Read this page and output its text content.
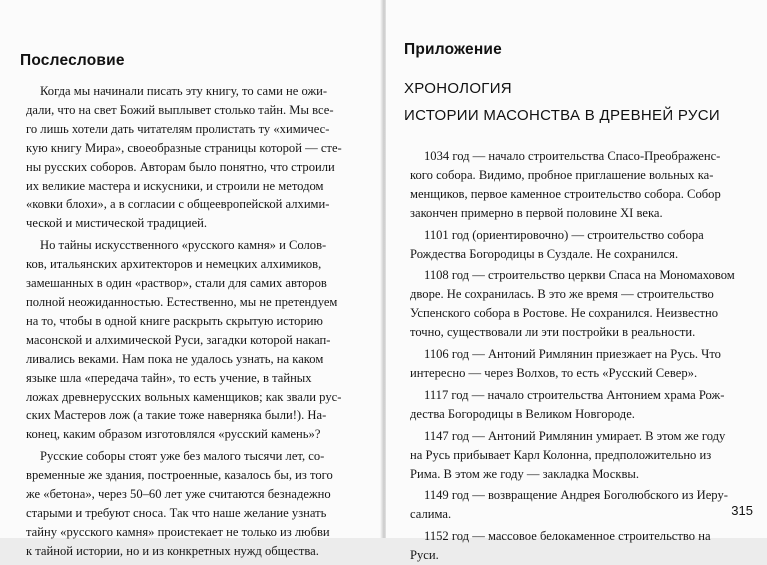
Послесловие
Когда мы начинали писать эту книгу, то сами не ожи-
дали, что на свет Божий выплывет столько тайн. Мы все-
го лишь хотели дать читателям пролистать ту «химичес-
кую книгу Мира», своеобразные страницы которой — сте-
ны русских соборов. Авторам было понятно, что строили
их великие мастера и искусники, и строили не методом
«ковки блохи», а в согласии с общеевропейской алхими-
ческой и мистической традицией.
Но тайны искусственного «русского камня» и Солов-
ков, итальянских архитекторов и немецких алхимиков,
замешанных в один «раствор», стали для самих авторов
полной неожиданностью. Естественно, мы не претендуем
на то, чтобы в одной книге раскрыть скрытую историю
масонской и алхимической Руси, загадки которой накап-
ливались веками. Нам пока не удалось узнать, на каком
языке шла «передача тайн», то есть учение, в тайных
ложах древнерусских вольных каменщиков; как звали рус-
ских Мастеров лож (а такие тоже наверняка были!). На-
конец, каким образом изготовлялся «русский камень»?
Русские соборы стоят уже без малого тысячи лет, со-
временные же здания, построенные, казалось бы, из того
же «бетона», через 50–60 лет уже считаются безнадежно
старыми и требуют сноса. Так что наше желание узнать
тайну «русского камня» проистекает не только из любви
к тайной истории, но и из конкретных нужд общества.
Приложение
ХРОНОЛОГИЯ
ИСТОРИИ МАСОНСТВА В ДРЕВНЕЙ РУСИ
1034 год — начало строительства Спасо-Преображенс-
кого собора. Видимо, пробное приглашение вольных ка-
менщиков, первое каменное строительство собора. Собор
закончен примерно в первой половине XI века.
1101 год (ориентировочно) — строительство собора
Рождества Богородицы в Суздале. Не сохранился.
1108 год — строительство церкви Спаса на Мономаховом
дворе. Не сохранилась. В это же время — строительство
Успенского собора в Ростове. Не сохранился. Неизвестно
точно, существовали ли эти постройки в реальности.
1106 год — Антоний Римлянин приезжает на Русь. Что
интересно — через Волхов, то есть «Русский Север».
1117 год — начало строительства Антонием храма Рож-
дества Богородицы в Великом Новгороде.
1147 год — Антоний Римлянин умирает. В этом же году
на Русь прибывает Карл Колонна, предположительно из
Рима. В этом же году — закладка Москвы.
1149 год — возвращение Андрея Боголюбского из Иеру-
салима.
1152 год — массовое белокаменное строительство на
Руси.
315
